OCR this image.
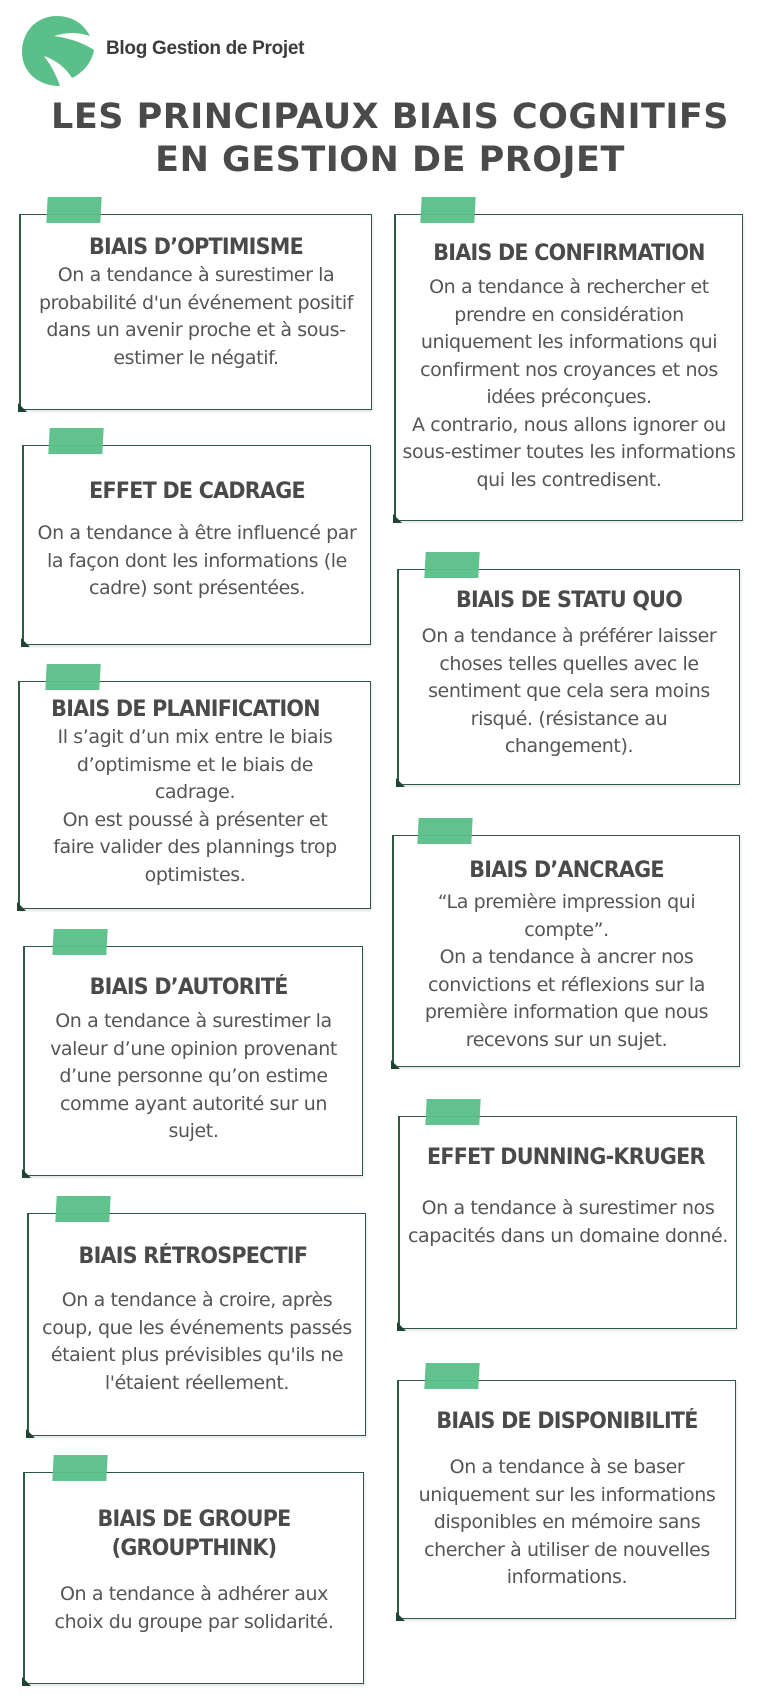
Blog Gestion de Projet
LES PRINCIPAUX BIAIS COGNITIFS EN GESTION DE PROJET
BIAIS D’OPTIMISME

On a tendance à surestimer la probabilité d'un événement positif dans un avenir proche et à sous-estimer le négatif.

EFFET DE CADRAGE

On a tendance à être influencé par la façon dont les informations (le cadre) sont présentées.

BIAIS DE PLANIFICATION

Il s’agit d’un mix entre le biais d’optimisme et le biais de cadrage.
On est poussé à présenter et faire valider des plannings trop optimistes.

BIAIS D’AUTORITÉ

On a tendance à surestimer la valeur d’une opinion provenant d’une personne qu’on estime comme ayant autorité sur un sujet.

BIAIS RÉTROSPECTIF

On a tendance à croire, après coup, que les événements passés étaient plus prévisibles qu'ils ne l'étaient réellement.

BIAIS DE GROUPE (GROUPTHINK)

On a tendance à adhérer aux choix du groupe par solidarité.

BIAIS DE CONFIRMATION

On a tendance à rechercher et prendre en considération uniquement les informations qui confirment nos croyances et nos idées préconçues.
A contrario, nous allons ignorer ou sous-estimer toutes les informations qui les contredisent.

BIAIS DE STATU QUO

On a tendance à préférer laisser choses telles quelles avec le sentiment que cela sera moins risqué. (résistance au changement).

BIAIS D’ANCRAGE

“La première impression qui compte”.
On a tendance à ancrer nos convictions et réflexions sur la première information que nous recevons sur un sujet.

EFFET DUNNING-KRUGER

On a tendance à surestimer nos capacités dans un domaine donné.

BIAIS DE DISPONIBILITÉ

On a tendance à se baser uniquement sur les informations disponibles en mémoire sans chercher à utiliser de nouvelles informations.
